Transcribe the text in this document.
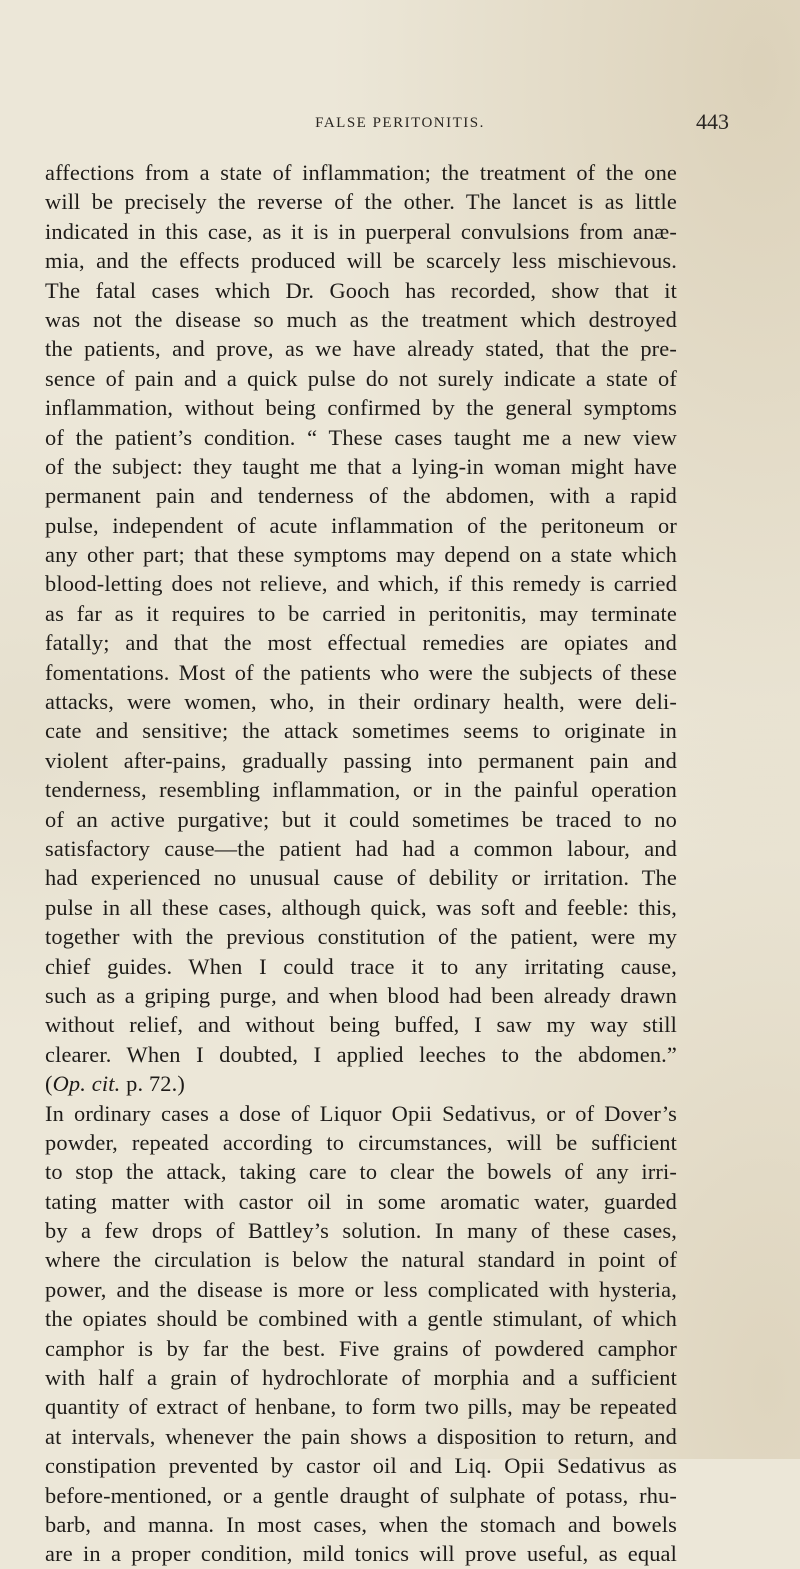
FALSE PERITONITIS.	443
affections from a state of inflammation; the treatment of the one
will be precisely the reverse of the other. The lancet is as little
indicated in this case, as it is in puerperal convulsions from anæ-
mia, and the effects produced will be scarcely less mischievous.
The fatal cases which Dr. Gooch has recorded, show that it
was not the disease so much as the treatment which destroyed
the patients, and prove, as we have already stated, that the pre-
sence of pain and a quick pulse do not surely indicate a state of
inflammation, without being confirmed by the general symptoms
of the patient’s condition. “ These cases taught me a new view
of the subject: they taught me that a lying-in woman might have
permanent pain and tenderness of the abdomen, with a rapid
pulse, independent of acute inflammation of the peritoneum or
any other part; that these symptoms may depend on a state which
blood-letting does not relieve, and which, if this remedy is carried
as far as it requires to be carried in peritonitis, may terminate
fatally; and that the most effectual remedies are opiates and
fomentations. Most of the patients who were the subjects of these
attacks, were women, who, in their ordinary health, were deli-
cate and sensitive; the attack sometimes seems to originate in
violent after-pains, gradually passing into permanent pain and
tenderness, resembling inflammation, or in the painful operation
of an active purgative; but it could sometimes be traced to no
satisfactory cause—the patient had had a common labour, and
had experienced no unusual cause of debility or irritation. The
pulse in all these cases, although quick, was soft and feeble: this,
together with the previous constitution of the patient, were my
chief guides. When I could trace it to any irritating cause,
such as a griping purge, and when blood had been already drawn
without relief, and without being buffed, I saw my way still
clearer. When I doubted, I applied leeches to the abdomen.”
(Op. cit. p. 72.)
In ordinary cases a dose of Liquor Opii Sedativus, or of Dover’s
powder, repeated according to circumstances, will be sufficient
to stop the attack, taking care to clear the bowels of any irri-
tating matter with castor oil in some aromatic water, guarded
by a few drops of Battley’s solution. In many of these cases,
where the circulation is below the natural standard in point of
power, and the disease is more or less complicated with hysteria,
the opiates should be combined with a gentle stimulant, of which
camphor is by far the best. Five grains of powdered camphor
with half a grain of hydrochlorate of morphia and a sufficient
quantity of extract of henbane, to form two pills, may be repeated
at intervals, whenever the pain shows a disposition to return, and
constipation prevented by castor oil and Liq. Opii Sedativus as
before-mentioned, or a gentle draught of sulphate of potass, rhu-
barb, and manna. In most cases, when the stomach and bowels
are in a proper condition, mild tonics will prove useful, as equal
